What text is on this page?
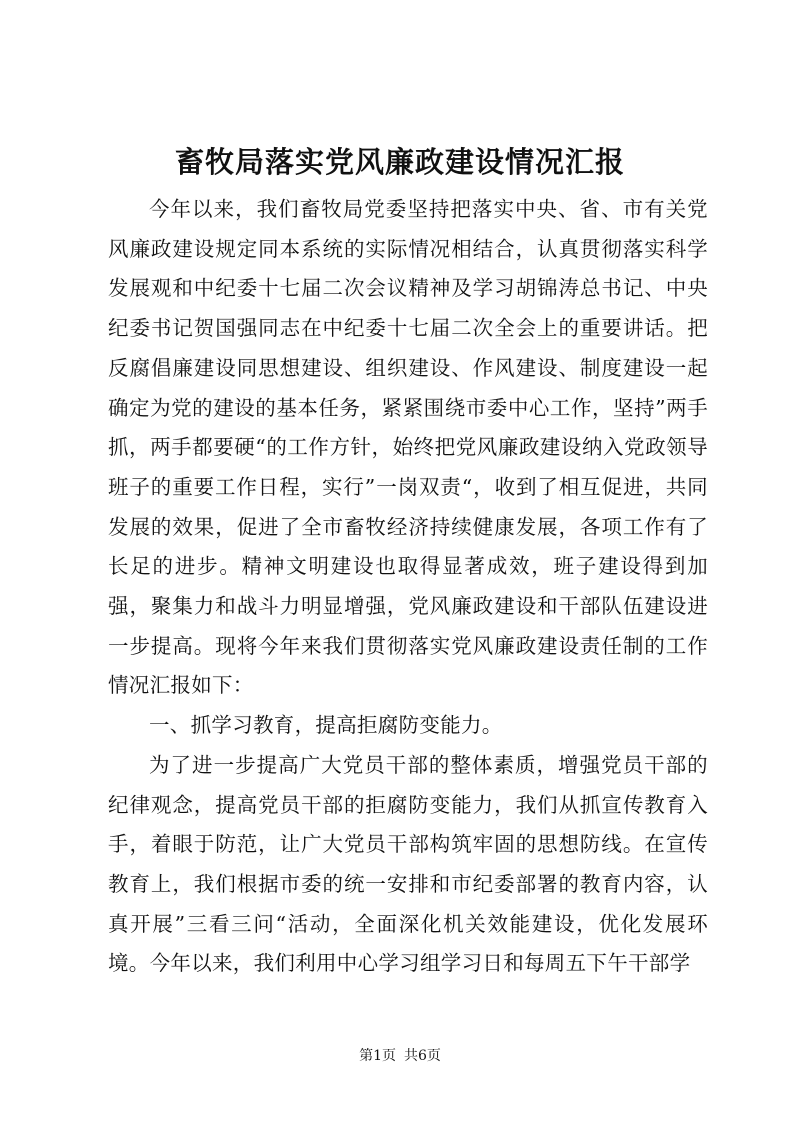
畜牧局落实党风廉政建设情况汇报

今年以来，我们畜牧局党委坚持把落实中央、省、市有关党风廉政建设规定同本系统的实际情况相结合，认真贯彻落实科学发展观和中纪委十七届二次会议精神及学习胡锦涛总书记、中央纪委书记贺国强同志在中纪委十七届二次全会上的重要讲话。把反腐倡廉建设同思想建设、组织建设、作风建设、制度建设一起确定为党的建设的基本任务，紧紧围绕市委中心工作，坚持”两手抓，两手都要硬“的工作方针，始终把党风廉政建设纳入党政领导班子的重要工作日程，实行”一岗双责“，收到了相互促进，共同发展的效果，促进了全市畜牧经济持续健康发展，各项工作有了长足的进步。精神文明建设也取得显著成效，班子建设得到加强，聚集力和战斗力明显增强，党风廉政建设和干部队伍建设进一步提高。现将今年来我们贯彻落实党风廉政建设责任制的工作情况汇报如下：

一、抓学习教育，提高拒腐防变能力。

为了进一步提高广大党员干部的整体素质，增强党员干部的纪律观念，提高党员干部的拒腐防变能力，我们从抓宣传教育入手，着眼于防范，让广大党员干部构筑牢固的思想防线。在宣传教育上，我们根据市委的统一安排和市纪委部署的教育内容，认真开展”三看三问“活动，全面深化机关效能建设，优化发展环境。今年以来，我们利用中心学习组学习日和每周五下午干部学

第1页 共6页
